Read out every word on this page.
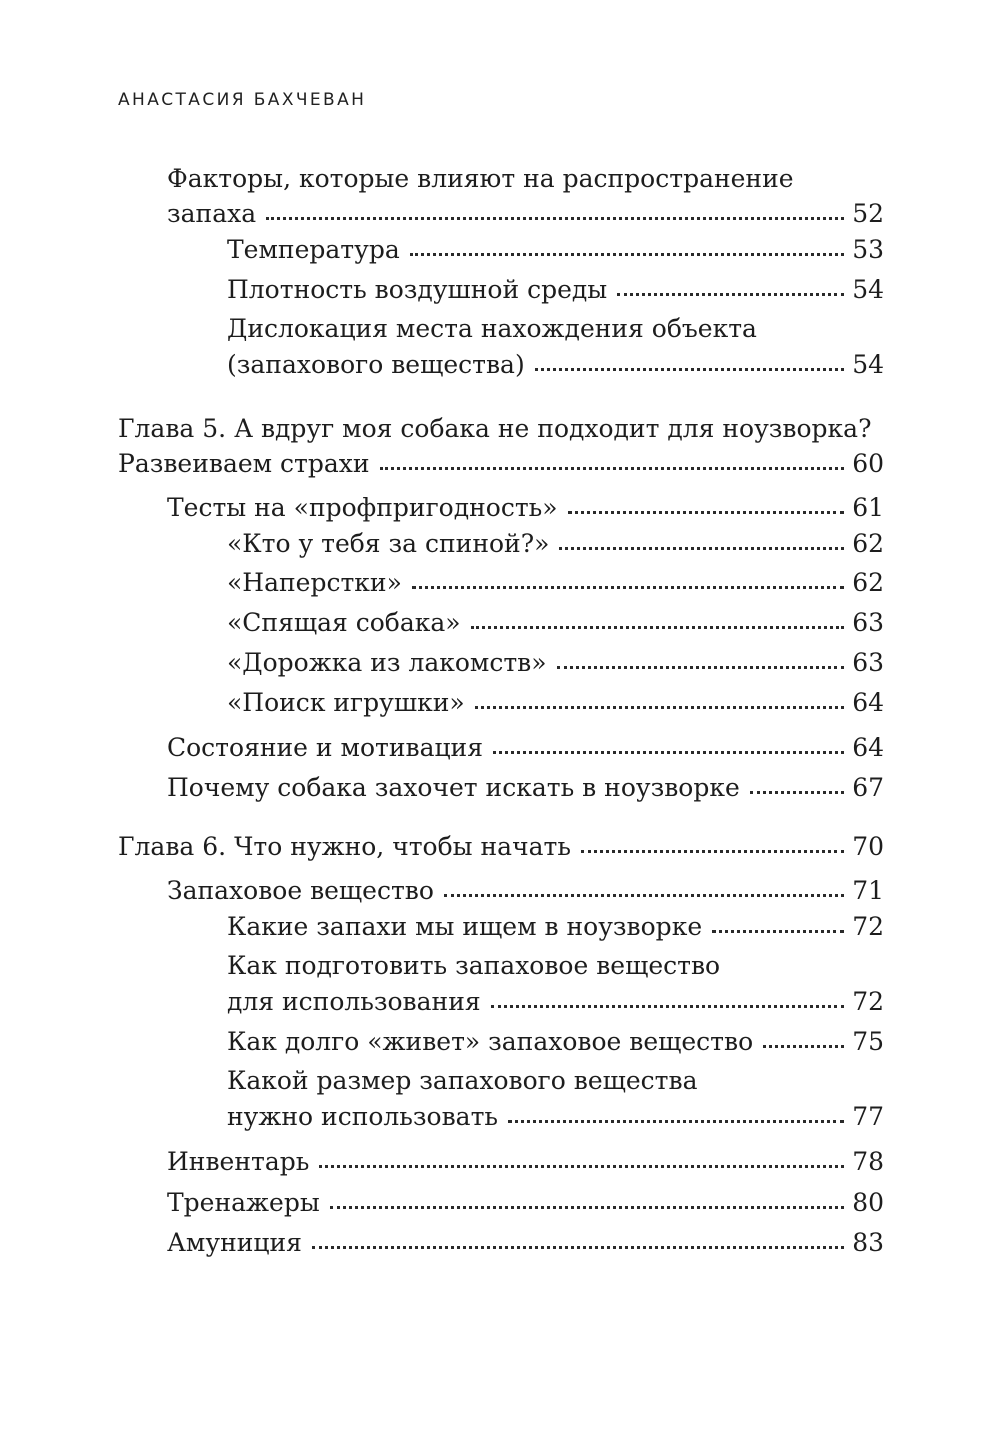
АНАСТАСИЯ БАХЧЕВАН
Факторы, которые влияют на распространение
запаха	52
Температура	53
Плотность воздушной среды	54
Дислокация места нахождения объекта
(запахового вещества)	54
Глава 5. А вдруг моя собака не подходит для ноузворка?
Развеиваем страхи	60
Тесты на «профпригодность»	61
«Кто у тебя за спиной?»	62
«Наперстки»	62
«Спящая собака»	63
«Дорожка из лакомств»	63
«Поиск игрушки»	64
Состояние и мотивация	64
Почему собака захочет искать в ноузворке	67
Глава 6. Что нужно, чтобы начать	70
Запаховое вещество	71
Какие запахи мы ищем в ноузворке	72
Как подготовить запаховое вещество
для использования	72
Как долго «живет» запаховое вещество	75
Какой размер запахового вещества
нужно использовать	77
Инвентарь	78
Тренажеры	80
Амуниция	83
